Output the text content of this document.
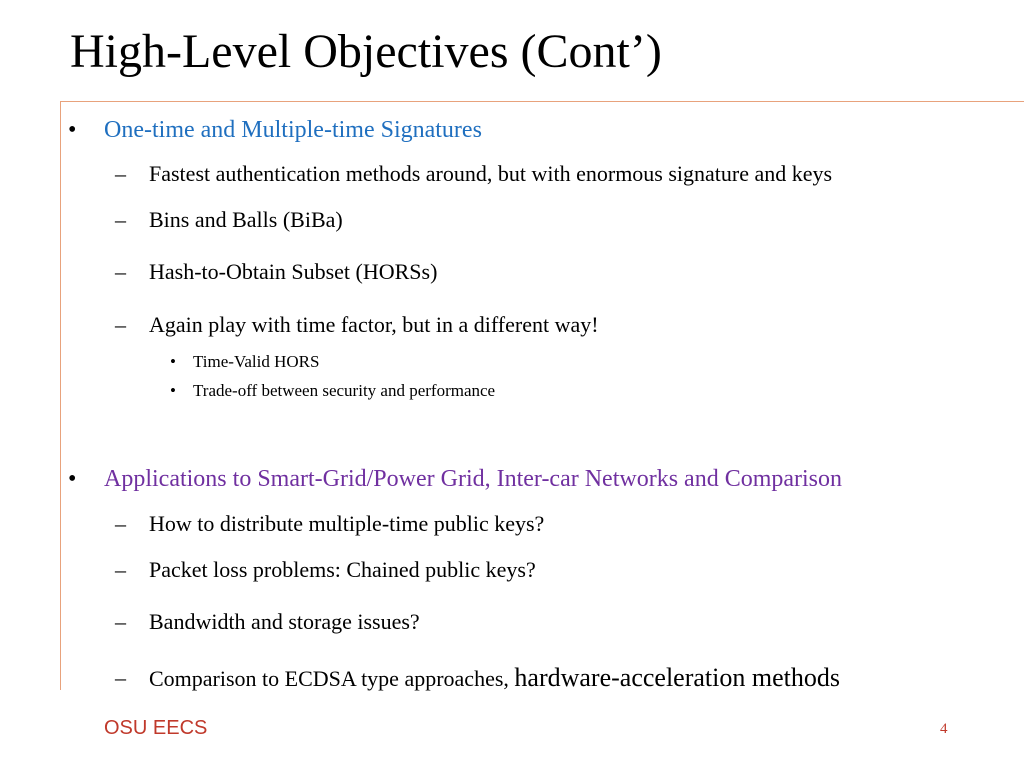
High-Level Objectives (Cont’)
• One-time and Multiple-time Signatures
– Fastest authentication methods around, but with enormous signature and keys
– Bins and Balls (BiBa)
– Hash-to-Obtain Subset (HORSs)
– Again play with time factor, but in a different way!
• Time-Valid HORS
• Trade-off between security and performance
• Applications to Smart-Grid/Power Grid, Inter-car Networks and Comparison
– How to distribute multiple-time public keys?
– Packet loss problems: Chained public keys?
– Bandwidth and storage issues?
– Comparison to ECDSA type approaches, hardware-acceleration methods
OSU EECS	4
